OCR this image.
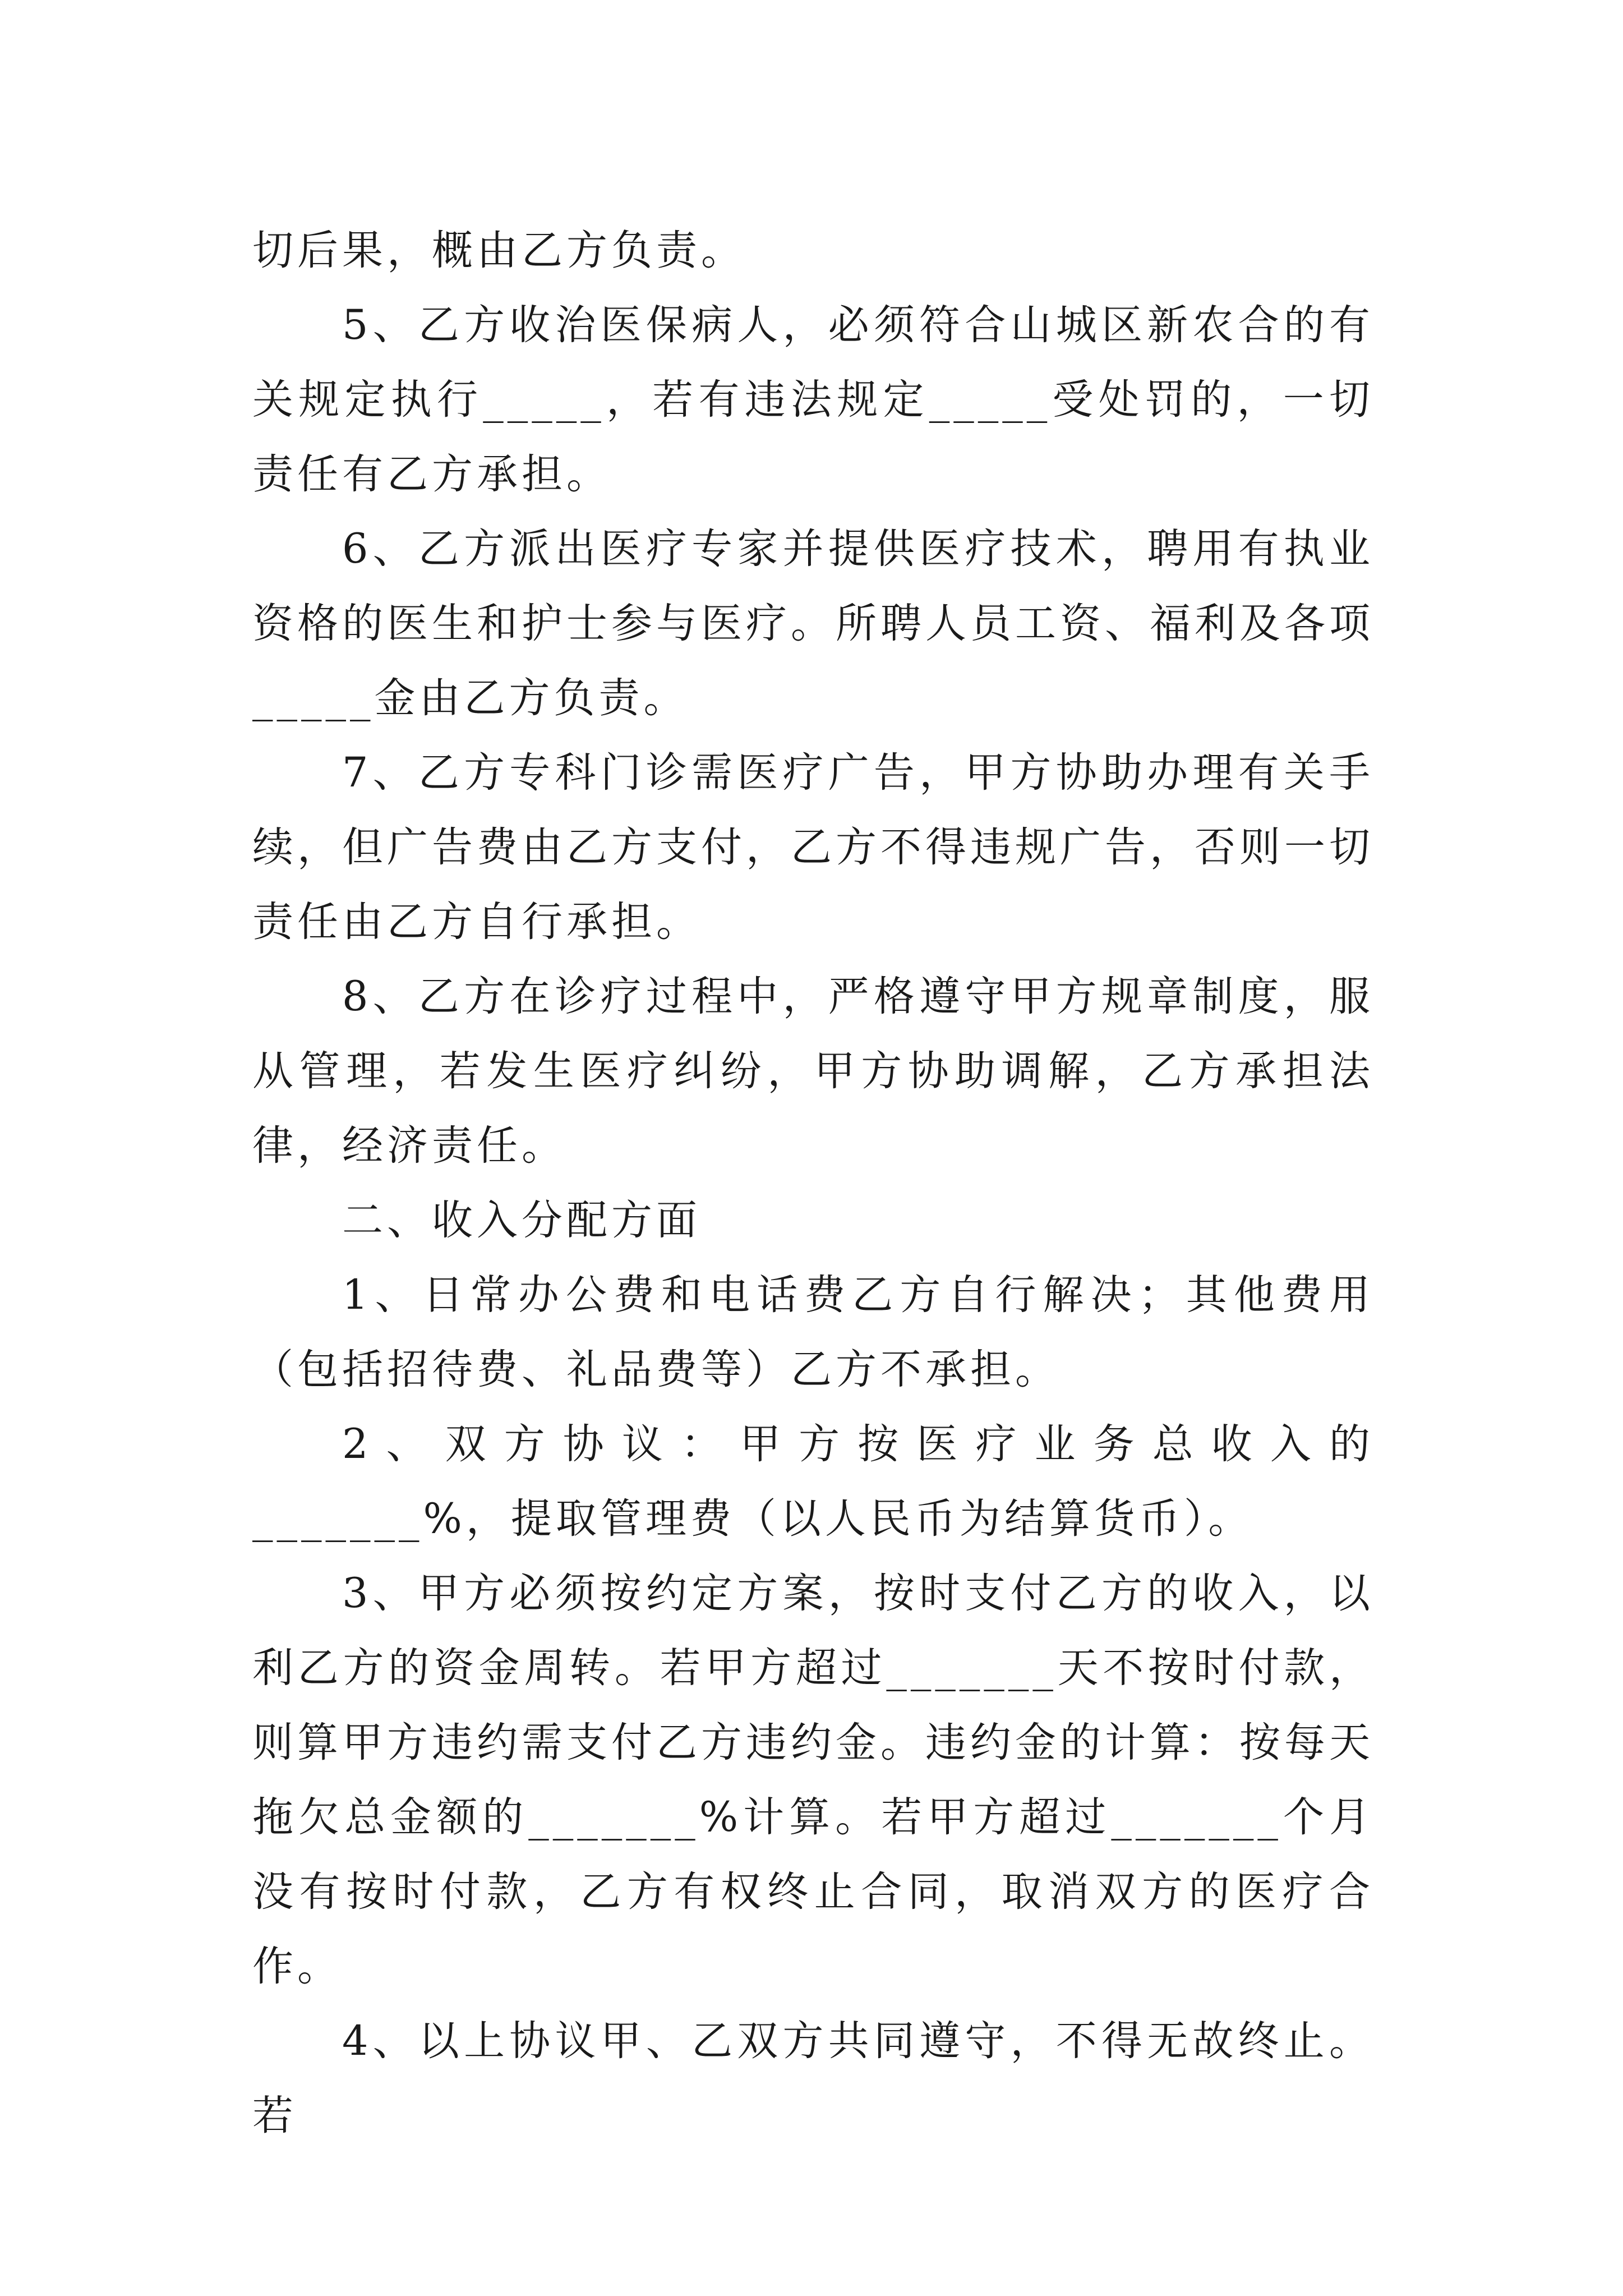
切后果，概由乙方负责。

5、乙方收治医保病人，必须符合山城区新农合的有关规定执行_____，若有违法规定_____受处罚的，一切责任有乙方承担。

6、乙方派出医疗专家并提供医疗技术，聘用有执业资格的医生和护士参与医疗。所聘人员工资、福利及各项_____金由乙方负责。

7、乙方专科门诊需医疗广告，甲方协助办理有关手续，但广告费由乙方支付，乙方不得违规广告，否则一切责任由乙方自行承担。

8、乙方在诊疗过程中，严格遵守甲方规章制度，服从管理，若发生医疗纠纷，甲方协助调解，乙方承担法律，经济责任。

二、收入分配方面

1、日常办公费和电话费乙方自行解决；其他费用（包括招待费、礼品费等）乙方不承担。

2、双方协议：甲方按医疗业务总收入的_______%，提取管理费（以人民币为结算货币）。

3、甲方必须按约定方案，按时支付乙方的收入，以利乙方的资金周转。若甲方超过_______天不按时付款，则算甲方违约需支付乙方违约金。违约金的计算：按每天拖欠总金额的_______%计算。若甲方超过_______个月没有按时付款，乙方有权终止合同，取消双方的医疗合作。

4、以上协议甲、乙双方共同遵守，不得无故终止。若
